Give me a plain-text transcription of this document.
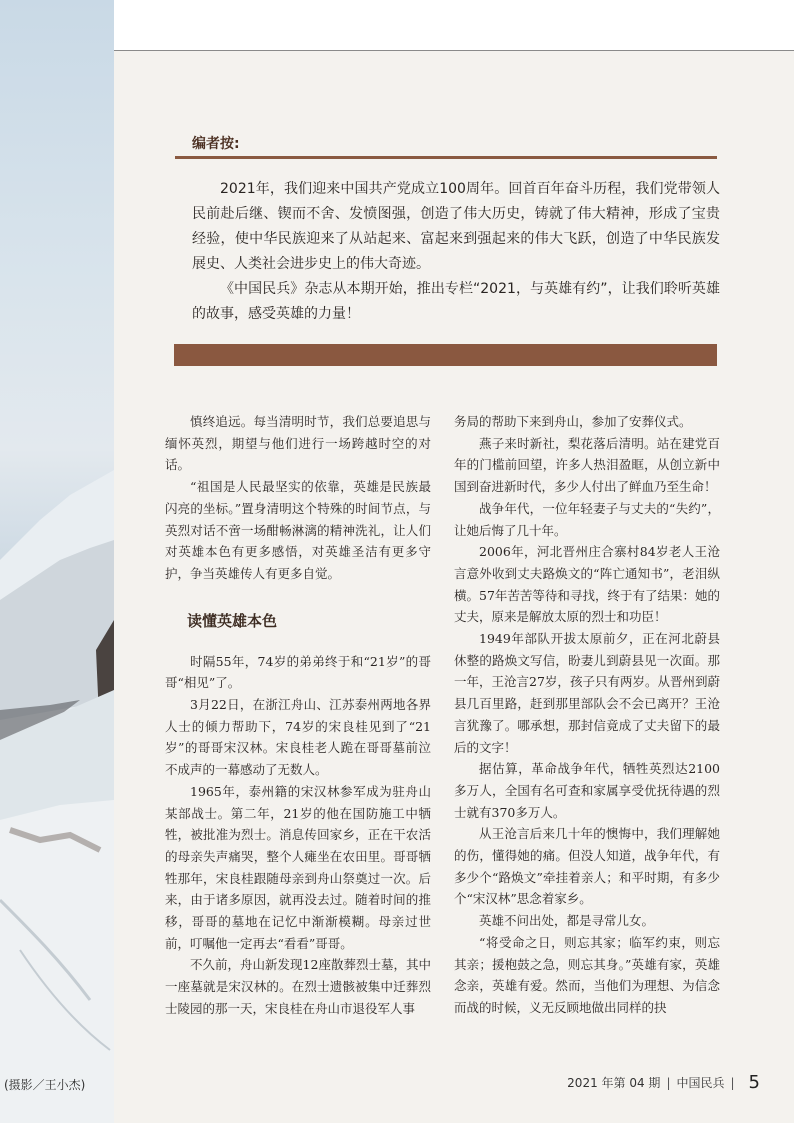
编者按:

2021年，我们迎来中国共产党成立100周年。回首百年奋斗历程，我们党带领人民前赴后继、锲而不舍、发愤图强，创造了伟大历史，铸就了伟大精神，形成了宝贵经验，使中华民族迎来了从站起来、富起来到强起来的伟大飞跃，创造了中华民族发展史、人类社会进步史上的伟大奇迹。

《中国民兵》杂志从本期开始，推出专栏“2021，与英雄有约”，让我们聆听英雄的故事，感受英雄的力量！

慎终追远。每当清明时节，我们总要追思与缅怀英烈，期望与他们进行一场跨越时空的对话。

“祖国是人民最坚实的依靠，英雄是民族最闪亮的坐标。”置身清明这个特殊的时间节点，与英烈对话不啻一场酣畅淋漓的精神洗礼，让人们对英雄本色有更多感悟，对英雄圣洁有更多守护，争当英雄传人有更多自觉。

读懂英雄本色

时隔55年，74岁的弟弟终于和“21岁”的哥哥“相见”了。

3月22日，在浙江舟山、江苏泰州两地各界人士的倾力帮助下，74岁的宋良桂见到了“21岁”的哥哥宋汉林。宋良桂老人跪在哥哥墓前泣不成声的一幕感动了无数人。

1965年，泰州籍的宋汉林参军成为驻舟山某部战士。第二年，21岁的他在国防施工中牺牲，被批准为烈士。消息传回家乡，正在干农活的母亲失声痛哭，整个人瘫坐在农田里。哥哥牺牲那年，宋良桂跟随母亲到舟山祭奠过一次。后来，由于诸多原因，就再没去过。随着时间的推移，哥哥的墓地在记忆中渐渐模糊。母亲过世前，叮嘱他一定再去“看看”哥哥。

不久前，舟山新发现12座散葬烈士墓，其中一座墓就是宋汉林的。在烈士遗骸被集中迁葬烈士陵园的那一天，宋良桂在舟山市退役军人事

务局的帮助下来到舟山，参加了安葬仪式。

燕子来时新社，梨花落后清明。站在建党百年的门槛前回望，许多人热泪盈眶，从创立新中国到奋进新时代，多少人付出了鲜血乃至生命！

战争年代，一位年轻妻子与丈夫的“失约”，让她后悔了几十年。

2006年，河北晋州庄合寨村84岁老人王沧言意外收到丈夫路焕文的“阵亡通知书”，老泪纵横。57年苦苦等待和寻找，终于有了结果：她的丈夫，原来是解放太原的烈士和功臣！

1949年部队开拔太原前夕，正在河北蔚县休整的路焕文写信，盼妻儿到蔚县见一次面。那一年，王沧言27岁，孩子只有两岁。从晋州到蔚县几百里路，赶到那里部队会不会已离开？王沧言犹豫了。哪承想，那封信竟成了丈夫留下的最后的文字！

据估算，革命战争年代，牺牲英烈达2100多万人，全国有名可查和家属享受优抚待遇的烈士就有370多万人。

从王沧言后来几十年的懊悔中，我们理解她的伤，懂得她的痛。但没人知道，战争年代，有多少个“路焕文”牵挂着亲人；和平时期，有多少个“宋汉林”思念着家乡。

英雄不问出处，都是寻常儿女。

“将受命之日，则忘其家；临军约束，则忘其亲；援枹鼓之急，则忘其身。”英雄有家，英雄念亲，英雄有爱。然而，当他们为理想、为信念而战的时候，义无反顾地做出同样的抉

(摄影／王小杰)	2021 年第 04 期 | 中国民兵 | 5
